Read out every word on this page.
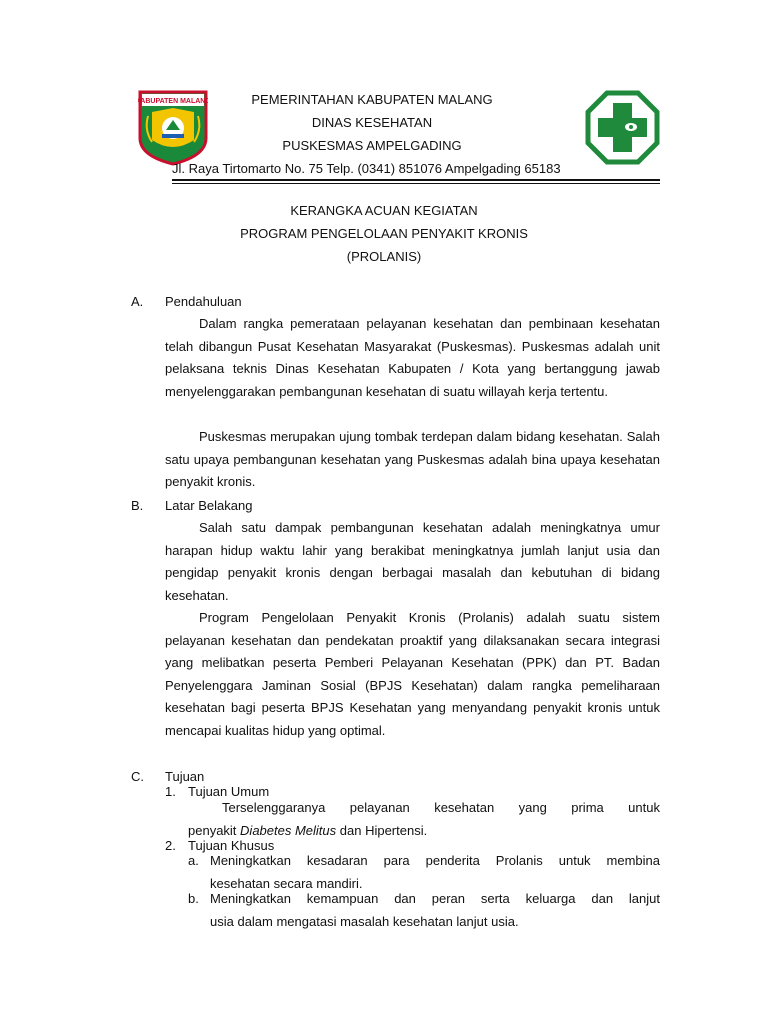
KABUPATEN MALANG	PEMERINTAHAN KABUPATEN MALANG
DINAS KESEHATAN
PUSKESMAS AMPELGADING
Jl. Raya Tirtomarto No. 75 Telp. (0341) 851076 Ampelgading 65183
KERANGKA ACUAN KEGIATAN
PROGRAM PENGELOLAAN PENYAKIT KRONIS
(PROLANIS)
A. Pendahuluan
Dalam rangka pemerataan pelayanan kesehatan dan pembinaan kesehatan telah dibangun Pusat Kesehatan Masyarakat (Puskesmas). Puskesmas adalah unit pelaksana teknis Dinas Kesehatan Kabupaten / Kota yang bertanggung jawab menyelenggarakan pembangunan kesehatan di suatu willayah kerja tertentu.
Puskesmas merupakan ujung tombak terdepan dalam bidang kesehatan. Salah satu upaya pembangunan kesehatan yang Puskesmas adalah bina upaya kesehatan penyakit kronis.
B. Latar Belakang
Salah satu dampak pembangunan kesehatan adalah meningkatnya umur harapan hidup waktu lahir yang berakibat meningkatnya jumlah lanjut usia dan pengidap penyakit kronis dengan berbagai masalah dan kebutuhan di bidang kesehatan.
Program Pengelolaan Penyakit Kronis (Prolanis) adalah suatu sistem pelayanan kesehatan dan pendekatan proaktif yang dilaksanakan secara integrasi yang melibatkan peserta Pemberi Pelayanan Kesehatan (PPK) dan PT. Badan Penyelenggara Jaminan Sosial (BPJS Kesehatan) dalam rangka pemeliharaan kesehatan bagi peserta BPJS Kesehatan yang menyandang penyakit kronis untuk mencapai kualitas hidup yang optimal.
C. Tujuan
1. Tujuan Umum
Terselenggaranya pelayanan kesehatan yang prima untuk
penyakit Diabetes Melitus dan Hipertensi.
2. Tujuan Khusus
a. Meningkatkan kesadaran para penderita Prolanis untuk membina
kesehatan secara mandiri.
b. Meningkatkan kemampuan dan peran serta keluarga dan lanjut
usia dalam mengatasi masalah kesehatan lanjut usia.
